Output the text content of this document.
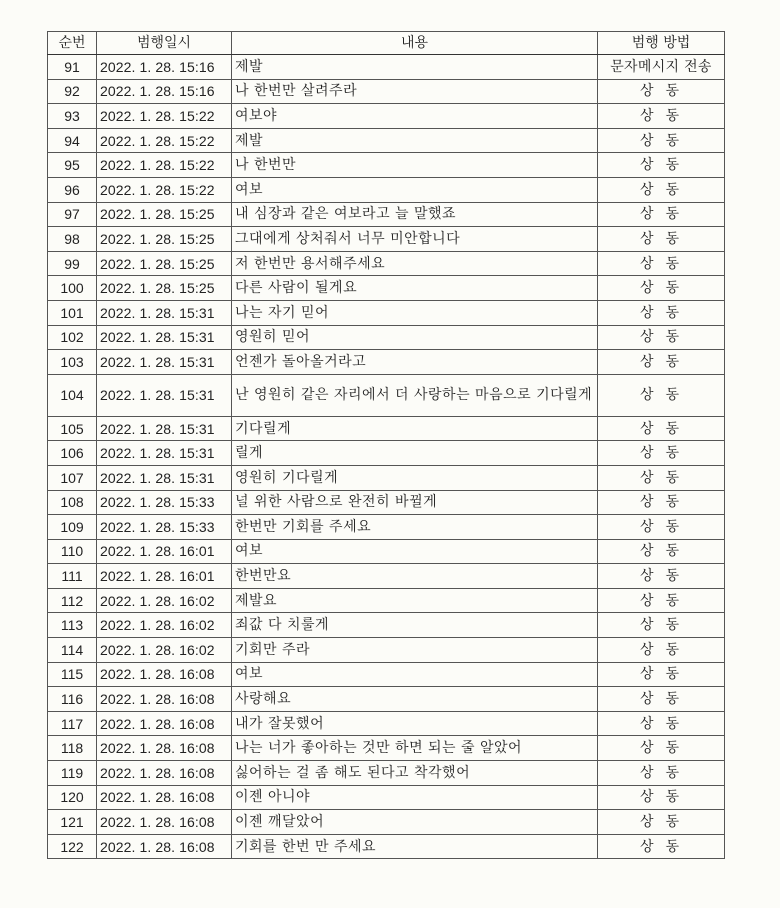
순번	범행일시	내용	범행 방법
91	2022. 1. 28. 15:16	제발	문자메시지 전송
92	2022. 1. 28. 15:16	나 한번만 살려주라	상동
93	2022. 1. 28. 15:22	여보야	상동
94	2022. 1. 28. 15:22	제발	상동
95	2022. 1. 28. 15:22	나 한번만	상동
96	2022. 1. 28. 15:22	여보	상동
97	2022. 1. 28. 15:25	내 심장과 같은 여보라고 늘 말했죠	상동
98	2022. 1. 28. 15:25	그대에게 상처줘서 너무 미안합니다	상동
99	2022. 1. 28. 15:25	저 한번만 용서해주세요	상동
100	2022. 1. 28. 15:25	다른 사람이 될게요	상동
101	2022. 1. 28. 15:31	나는 자기 믿어	상동
102	2022. 1. 28. 15:31	영원히 믿어	상동
103	2022. 1. 28. 15:31	언젠가 돌아올거라고	상동
104	2022. 1. 28. 15:31	난 영원히 같은 자리에서 더 사랑하는 마음으로 기다릴게	상동
105	2022. 1. 28. 15:31	기다릴게	상동
106	2022. 1. 28. 15:31	릴게	상동
107	2022. 1. 28. 15:31	영원히 기다릴게	상동
108	2022. 1. 28. 15:33	널 위한 사람으로 완전히 바뀔게	상동
109	2022. 1. 28. 15:33	한번만 기회를 주세요	상동
110	2022. 1. 28. 16:01	여보	상동
111	2022. 1. 28. 16:01	한번만요	상동
112	2022. 1. 28. 16:02	제발요	상동
113	2022. 1. 28. 16:02	죄값 다 치룰게	상동
114	2022. 1. 28. 16:02	기회만 주라	상동
115	2022. 1. 28. 16:08	여보	상동
116	2022. 1. 28. 16:08	사랑해요	상동
117	2022. 1. 28. 16:08	내가 잘못했어	상동
118	2022. 1. 28. 16:08	나는 너가 좋아하는 것만 하면 되는 줄 알았어	상동
119	2022. 1. 28. 16:08	싫어하는 걸 좀 해도 된다고 착각했어	상동
120	2022. 1. 28. 16:08	이젠 아니야	상동
121	2022. 1. 28. 16:08	이젠 깨달았어	상동
122	2022. 1. 28. 16:08	기회를 한번 만 주세요	상동
